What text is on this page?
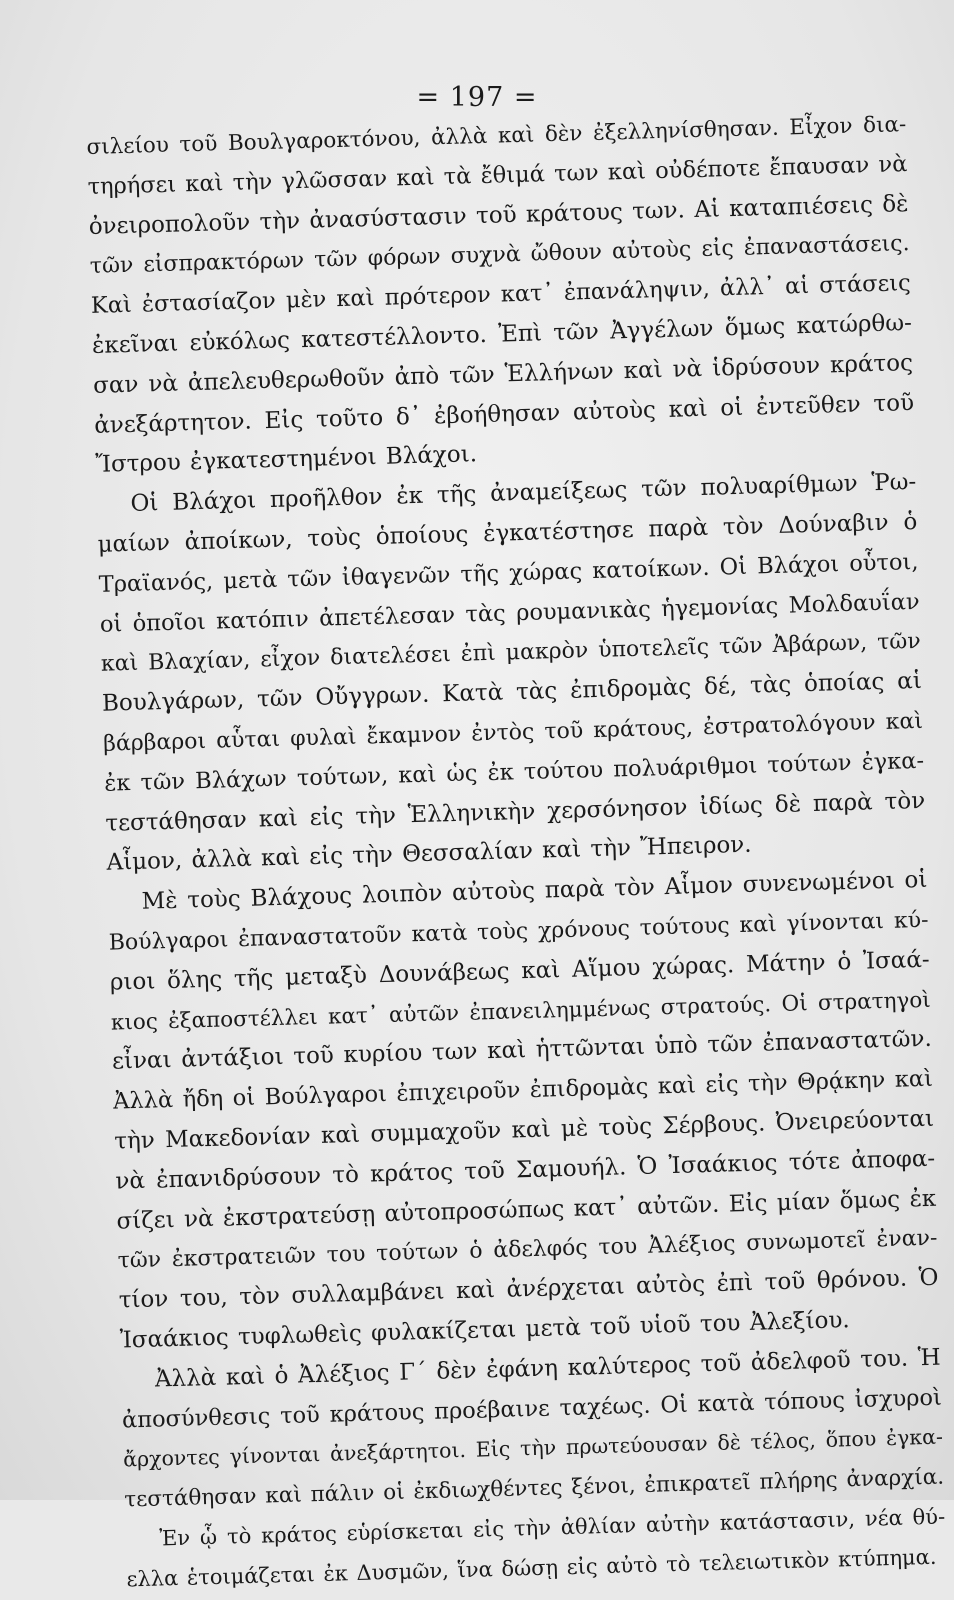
= 197 =
σιλείου τοῦ Βουλγαροκτόνου, ἀλλὰ καὶ δὲν ἐξελληνίσθησαν. Εἶχον δια-
τηρήσει καὶ τὴν γλῶσσαν καὶ τὰ ἔθιμά των καὶ οὐδέποτε ἔπαυσαν νὰ
ὀνειροπολοῦν τὴν ἀνασύστασιν τοῦ κράτους των. Αἱ καταπιέσεις δὲ
τῶν εἰσπρακτόρων τῶν φόρων συχνὰ ὤθουν αὐτοὺς εἰς ἐπαναστάσεις.
Καὶ ἐστασίαζον μὲν καὶ πρότερον κατ᾽ ἐπανάληψιν, ἀλλ᾽ αἱ στάσεις
ἐκεῖναι εὐκόλως κατεστέλλοντο. Ἐπὶ τῶν Ἀγγέλων ὅμως κατώρθω-
σαν νὰ ἀπελευθερωθοῦν ἀπὸ τῶν Ἑλλήνων καὶ νὰ ἱδρύσουν κράτος
ἀνεξάρτητον. Εἰς τοῦτο δ᾽ ἐβοήθησαν αὐτοὺς καὶ οἱ ἐντεῦθεν τοῦ
Ἴστρου ἐγκατεστημένοι Βλάχοι.
Οἱ Βλάχοι προῆλθον ἐκ τῆς ἀναμείξεως τῶν πολυαρίθμων Ῥω-
μαίων ἀποίκων, τοὺς ὁποίους ἐγκατέστησε παρὰ τὸν Δούναβιν ὁ
Τραϊανός, μετὰ τῶν ἰθαγενῶν τῆς χώρας κατοίκων. Οἱ Βλάχοι οὗτοι,
οἱ ὁποῖοι κατόπιν ἀπετέλεσαν τὰς ρουμανικὰς ἡγεμονίας Μολδαυΐαν
καὶ Βλαχίαν, εἶχον διατελέσει ἐπὶ μακρὸν ὑποτελεῖς τῶν Ἀβάρων, τῶν
Βουλγάρων, τῶν Οὔγγρων. Κατὰ τὰς ἐπιδρομὰς δέ, τὰς ὁποίας αἱ
βάρβαροι αὗται φυλαὶ ἔκαμνον ἐντὸς τοῦ κράτους, ἐστρατολόγουν καὶ
ἐκ τῶν Βλάχων τούτων, καὶ ὡς ἐκ τούτου πολυάριθμοι τούτων ἐγκα-
τεστάθησαν καὶ εἰς τὴν Ἑλληνικὴν χερσόνησον ἰδίως δὲ παρὰ τὸν
Αἷμον, ἀλλὰ καὶ εἰς τὴν Θεσσαλίαν καὶ τὴν Ἤπειρον.
Μὲ τοὺς Βλάχους λοιπὸν αὐτοὺς παρὰ τὸν Αἷμον συνενωμένοι οἱ
Βούλγαροι ἐπαναστατοῦν κατὰ τοὺς χρόνους τούτους καὶ γίνονται κύ-
ριοι ὅλης τῆς μεταξὺ Δουνάβεως καὶ Αἵμου χώρας. Μάτην ὁ Ἰσαά-
κιος ἐξαποστέλλει κατ᾽ αὐτῶν ἐπανειλημμένως στρατούς. Οἱ στρατηγοὶ
εἶναι ἀντάξιοι τοῦ κυρίου των καὶ ἡττῶνται ὑπὸ τῶν ἐπαναστατῶν.
Ἀλλὰ ἤδη οἱ Βούλγαροι ἐπιχειροῦν ἐπιδρομὰς καὶ εἰς τὴν Θρᾴκην καὶ
τὴν Μακεδονίαν καὶ συμμαχοῦν καὶ μὲ τοὺς Σέρβους. Ὀνειρεύονται
νὰ ἐπανιδρύσουν τὸ κράτος τοῦ Σαμουήλ. Ὁ Ἰσαάκιος τότε ἀποφα-
σίζει νὰ ἐκστρατεύσῃ αὐτοπροσώπως κατ᾽ αὐτῶν. Εἰς μίαν ὅμως ἐκ
τῶν ἐκστρατειῶν του τούτων ὁ ἀδελφός του Ἀλέξιος συνωμοτεῖ ἐναν-
τίον του, τὸν συλλαμβάνει καὶ ἀνέρχεται αὐτὸς ἐπὶ τοῦ θρόνου. Ὁ
Ἰσαάκιος τυφλωθεὶς φυλακίζεται μετὰ τοῦ υἱοῦ του Ἀλεξίου.
Ἀλλὰ καὶ ὁ Ἀλέξιος Γ´ δὲν ἐφάνη καλύτερος τοῦ ἀδελφοῦ του. Ἡ
ἀποσύνθεσις τοῦ κράτους προέβαινε ταχέως. Οἱ κατὰ τόπους ἰσχυροὶ
ἄρχοντες γίνονται ἀνεξάρτητοι. Εἰς τὴν πρωτεύουσαν δὲ τέλος, ὅπου ἐγκα-
τεστάθησαν καὶ πάλιν οἱ ἐκδιωχθέντες ξένοι, ἐπικρατεῖ πλήρης ἀναρχία.
Ἐν ᾧ τὸ κράτος εὑρίσκεται εἰς τὴν ἀθλίαν αὐτὴν κατάστασιν, νέα θύ-
ελλα ἑτοιμάζεται ἐκ Δυσμῶν, ἵνα δώσῃ εἰς αὐτὸ τὸ τελειωτικὸν κτύπημα.
